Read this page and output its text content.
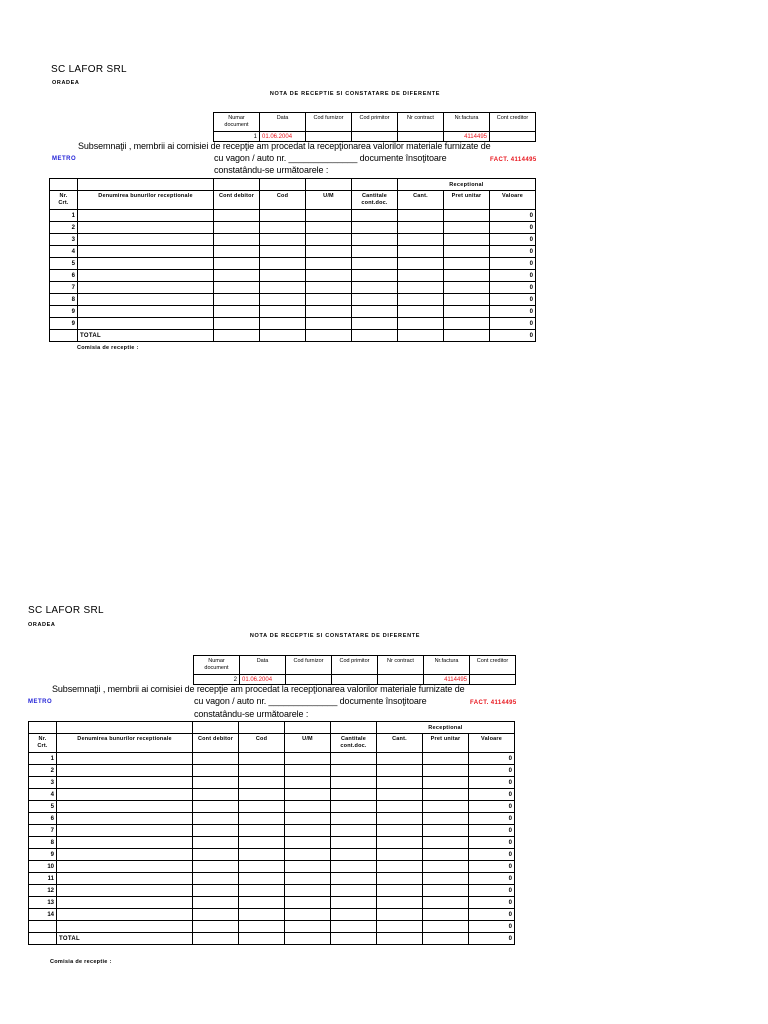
SC LAFOR SRL
ORADEA
NOTA DE RECEPTIE SI CONSTATARE DE DIFERENTE
Numar document	Data	Cod furnizor	Cod primitor	Nr contract	Nr.factura	Cont creditor
1	01.06.2004				4114495	
Subsemnaţii , membrii ai comisiei de recepţie am procedat la recepţionarea valorilor materiale furnizate de
METRO	cu vagon / auto nr. ______________ documente însoţitoare	FACT. 4114495
constatându-se următoarele :
						Receptional		
Nr. Crt.	Denumirea bunurilor receptionale	Cont debitor	Cod	U/M	Cantitale cont.doc.	Cant.	Pret unitar	Valoare
1								0
2								0
3								0
4								0
5								0
6								0
7								0
8								0
9								0
9								0
	TOTAL							0
Comisia de receptie :
SC LAFOR SRL
ORADEA
NOTA DE RECEPTIE SI CONSTATARE DE DIFERENTE
Numar document	Data	Cod furnizor	Cod primitor	Nr contract	Nr.factura	Cont creditor
2	01.06.2004				4114495	
Subsemnaţii , membrii ai comisiei de recepţie am procedat la recepţionarea valorilor materiale furnizate de
METRO	cu vagon / auto nr. ______________ documente însoţitoare	FACT. 4114495
constatându-se următoarele :
						Receptional		
Nr. Crt.	Denumirea bunurilor receptionale	Cont debitor	Cod	U/M	Cantitale cont.doc.	Cant.	Pret unitar	Valoare
1								0
2								0
3								0
4								0
5								0
6								0
7								0
8								0
9								0
10								0
11								0
12								0
13								0
14								0
								0
	TOTAL							0
Comisia de receptie :
